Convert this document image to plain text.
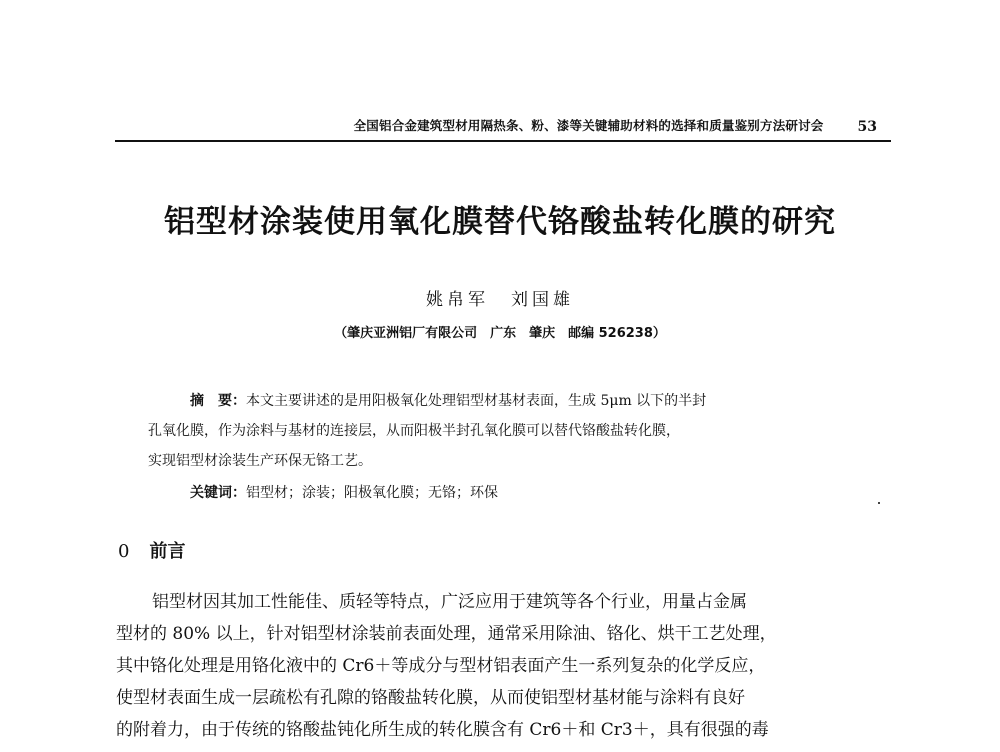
全国铝合金建筑型材用隔热条、粉、漆等关键辅助材料的选择和质量鉴别方法研讨会 53
铝型材涂装使用氧化膜替代铬酸盐转化膜的研究
姚帛军 刘国雄
（肇庆亚洲铝厂有限公司　广东　肇庆　邮编 526238）
摘　要：本文主要讲述的是用阳极氧化处理铝型材基材表面，生成 5μm 以下的半封
孔氧化膜，作为涂料与基材的连接层，从而阳极半封孔氧化膜可以替代铬酸盐转化膜，
实现铝型材涂装生产环保无铬工艺。
关键词：铝型材；涂装；阳极氧化膜；无铬；环保
0 前言
铝型材因其加工性能佳、质轻等特点，广泛应用于建筑等各个行业，用量占金属
型材的 80% 以上，针对铝型材涂装前表面处理，通常采用除油、铬化、烘干工艺处理，
其中铬化处理是用铬化液中的 Cr6＋等成分与型材铝表面产生一系列复杂的化学反应，
使型材表面生成一层疏松有孔隙的铬酸盐转化膜，从而使铝型材基材能与涂料有良好
的附着力，由于传统的铬酸盐钝化所生成的转化膜含有 Cr6＋和 Cr3＋，具有很强的毒
